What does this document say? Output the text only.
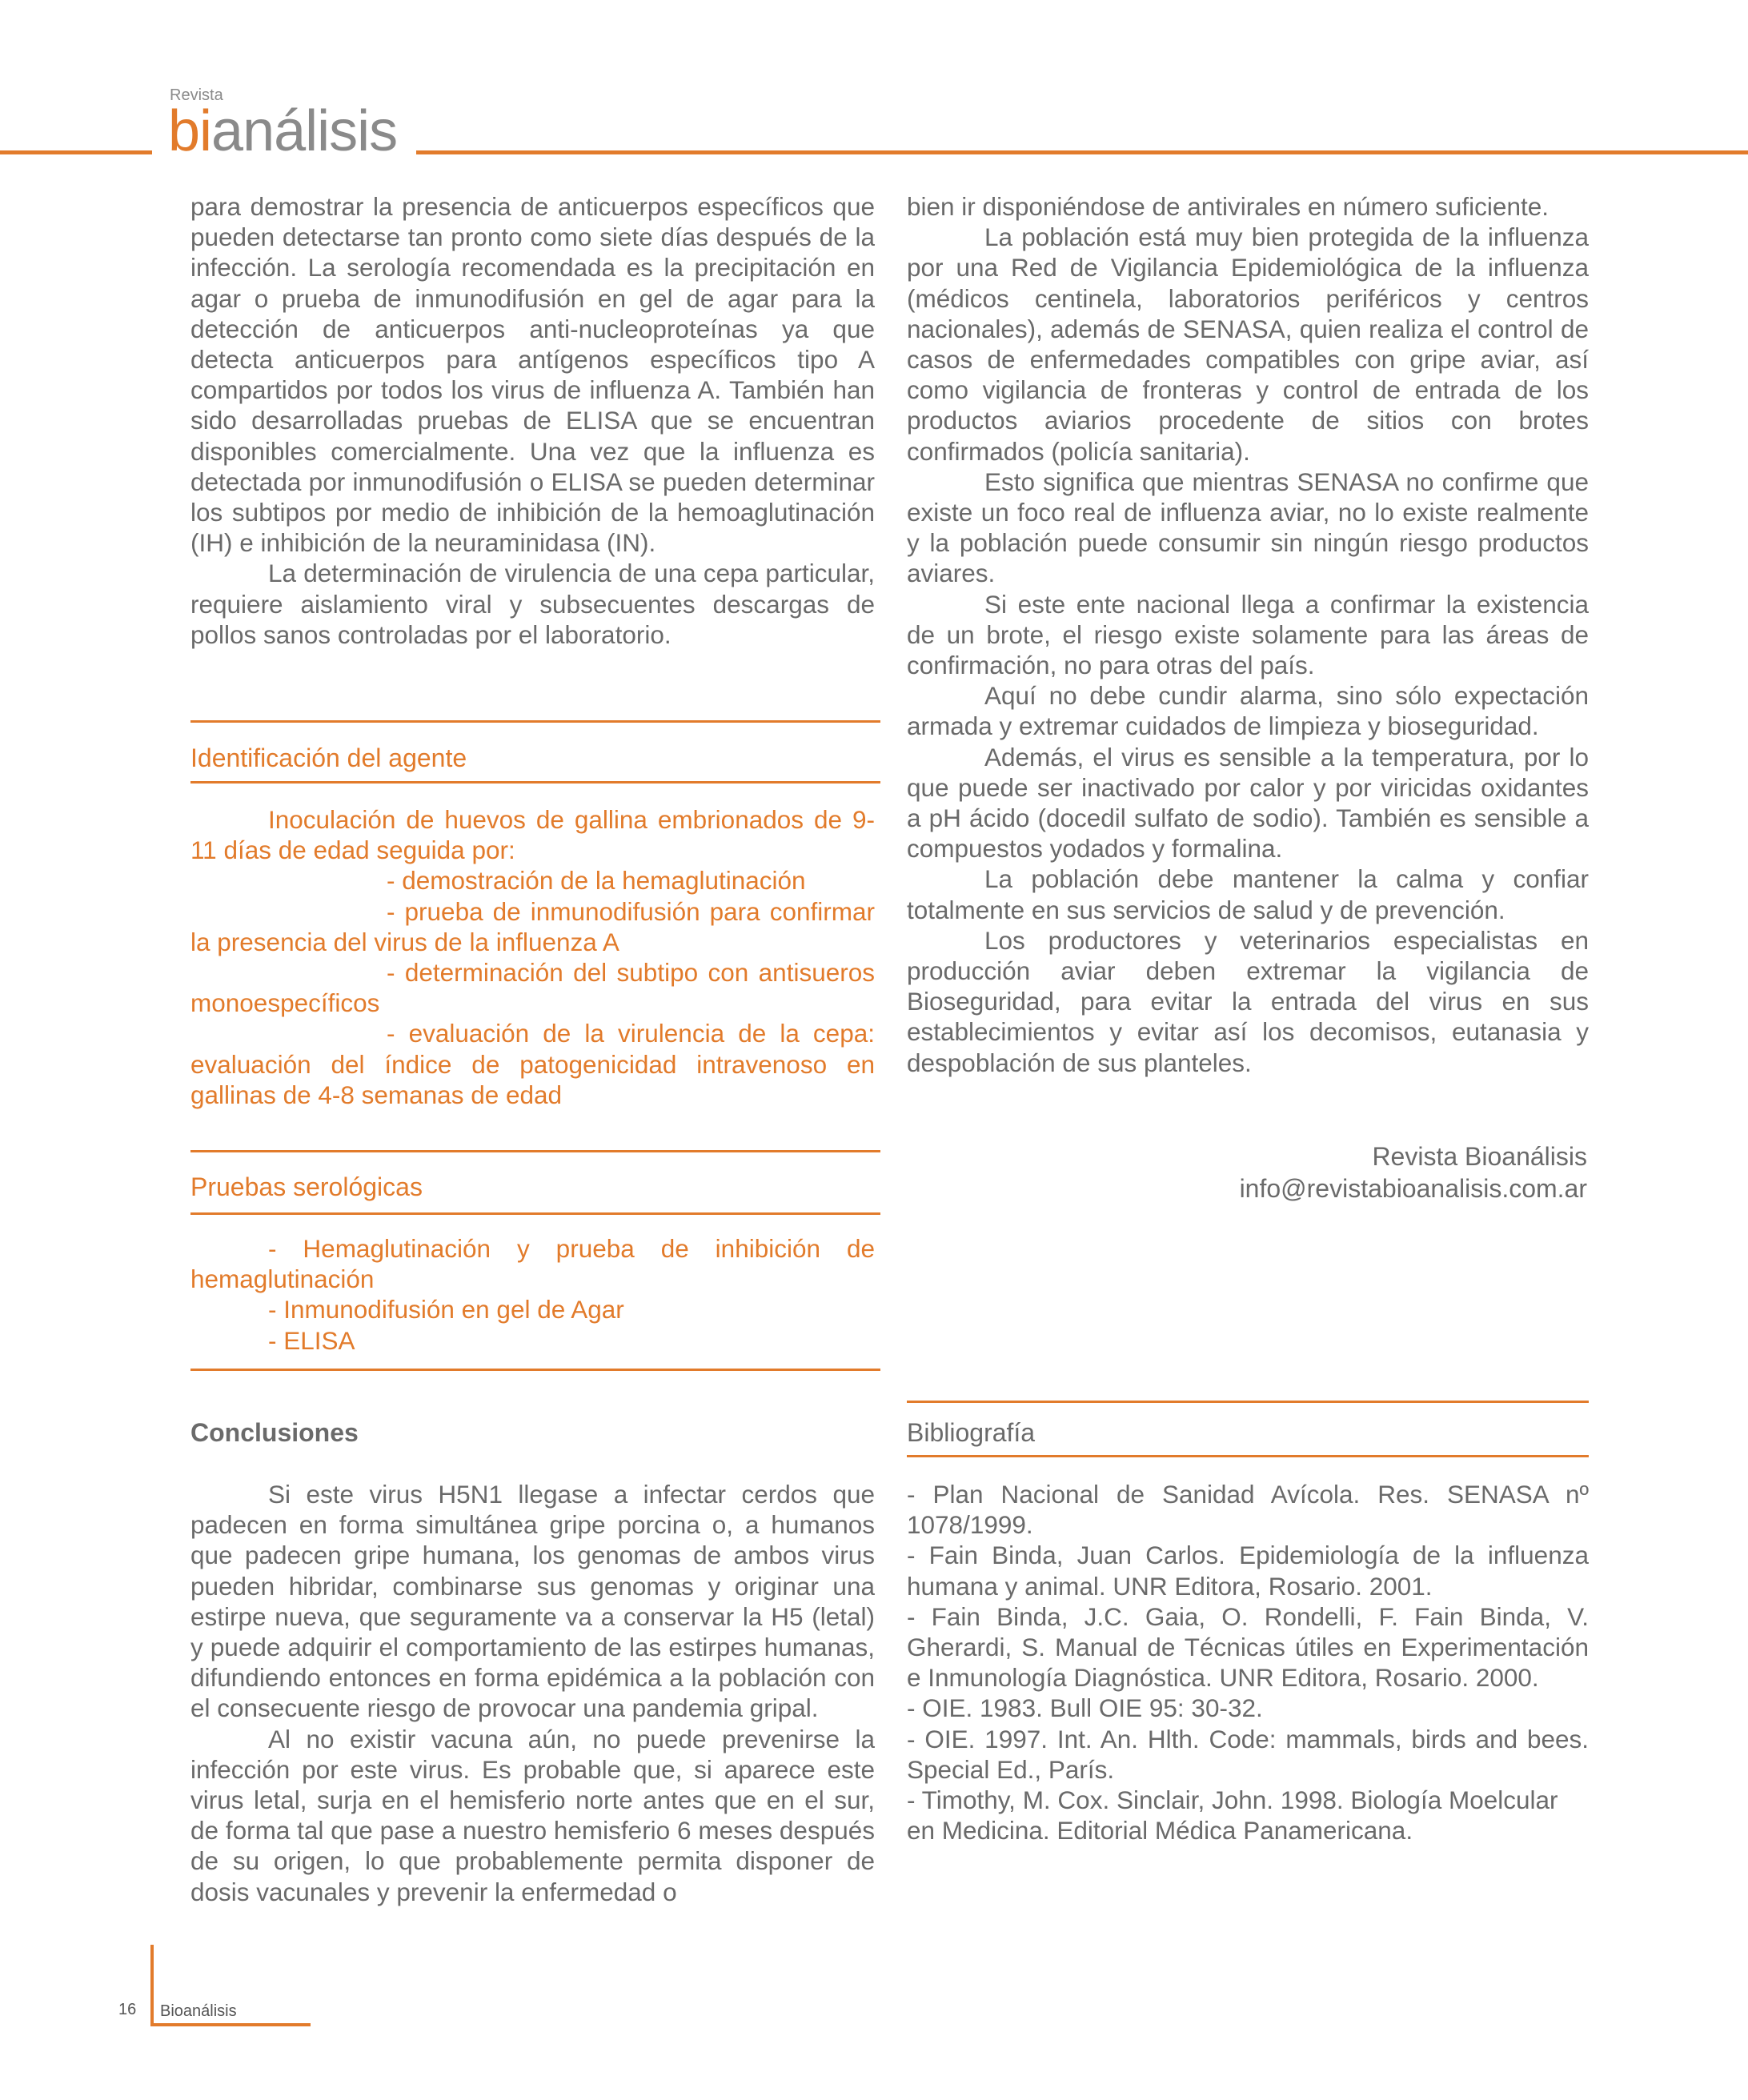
Revista
bianálisis

para demostrar la presencia de anticuerpos específicos que pueden detectarse tan pronto como siete días después de la infección. La serología recomendada es la precipitación en agar o prueba de inmunodifusión en gel de agar para la detección de anticuerpos anti-nucleoproteínas ya que detecta anticuerpos para antígenos específicos tipo A compartidos por todos los virus de influenza A. También han sido desarrolladas pruebas de ELISA que se encuentran disponibles comercialmente. Una vez que la influenza es detectada por inmunodifusión o ELISA se pueden determinar los subtipos por medio de inhibición de la hemoaglutinación (IH) e inhibición de la neuraminidasa (IN).

La determinación de virulencia de una cepa particular, requiere aislamiento viral y subsecuentes descargas de pollos sanos controladas por el laboratorio.

Identificación del agente

Inoculación de huevos de gallina embrionados de 9-11 días de edad seguida por:

- demostración de la hemaglutinación

- prueba de inmunodifusión para confirmar la presencia del virus de la influenza A

- determinación del subtipo con antisueros monoespecíficos

- evaluación de la virulencia de la cepa: evaluación del índice de patogenicidad intravenoso en gallinas de 4-8 semanas de edad

Pruebas serológicas

- Hemaglutinación y prueba de inhibición de hemaglutinación

- Inmunodifusión en gel de Agar

- ELISA

Conclusiones

Si este virus H5N1 llegase a infectar cerdos que padecen en forma simultánea gripe porcina o, a humanos que padecen gripe humana, los genomas de ambos virus pueden hibridar, combinarse sus genomas y originar una estirpe nueva, que seguramente va a conservar la H5 (letal) y puede adquirir el comportamiento de las estirpes humanas, difundiendo entonces en forma epidémica a la población con el consecuente riesgo de provocar una pandemia gripal.

Al no existir vacuna aún, no puede prevenirse la infección por este virus. Es probable que, si aparece este virus letal, surja en el hemisferio norte antes que en el sur, de forma tal que pase a nuestro hemisferio 6 meses después de su origen, lo que probablemente permita disponer de dosis vacunales y prevenir la enfermedad o

bien ir disponiéndose de antivirales en número suficiente.

La población está muy bien protegida de la influenza por una Red de Vigilancia Epidemiológica de la influenza (médicos centinela, laboratorios periféricos y centros nacionales), además de SENASA, quien realiza el control de casos de enfermedades compatibles con gripe aviar, así como vigilancia de fronteras y control de entrada de los productos aviarios procedente de sitios con brotes confirmados (policía sanitaria).

Esto significa que mientras SENASA no confirme que existe un foco real de influenza aviar, no lo existe realmente y la población puede consumir sin ningún riesgo productos aviares.

Si este ente nacional llega a confirmar la existencia de un brote, el riesgo existe solamente para las áreas de confirmación, no para otras del país.

Aquí no debe cundir alarma, sino sólo expectación armada y extremar cuidados de limpieza y bioseguridad.

Además, el virus es sensible a la temperatura, por lo que puede ser inactivado por calor y por viricidas oxidantes a pH ácido (docedil sulfato de sodio). También es sensible a compuestos yodados y formalina.

La población debe mantener la calma y confiar totalmente en sus servicios de salud y de prevención.

Los productores y veterinarios especialistas en producción aviar deben extremar la vigilancia de Bioseguridad, para evitar la entrada del virus en sus establecimientos y evitar así los decomisos, eutanasia y despoblación de sus planteles.

Revista Bioanálisis
info@revistabioanalisis.com.ar
Bibliografía

- Plan Nacional de Sanidad Avícola. Res. SENASA nº 1078/1999.

- Fain Binda, Juan Carlos. Epidemiología de la influenza humana y animal. UNR Editora, Rosario. 2001.

- Fain Binda, J.C. Gaia, O. Rondelli, F. Fain Binda, V. Gherardi, S. Manual de Técnicas útiles en Experimentación e Inmunología Diagnóstica. UNR Editora, Rosario. 2000.

- OIE. 1983. Bull OIE 95: 30-32.

- OIE. 1997. Int. An. Hlth. Code: mammals, birds and bees. Special Ed., París.

- Timothy, M. Cox. Sinclair, John. 1998. Biología Moelcular en Medicina. Editorial Médica Panamericana.

16 Bioanálisis
